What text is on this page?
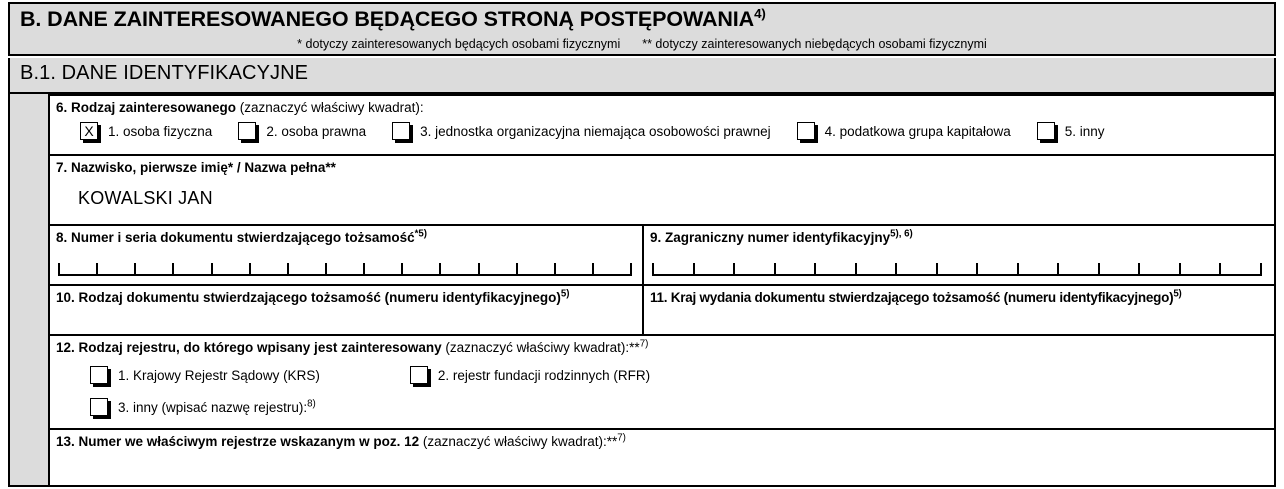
B. DANE ZAINTERESOWANEGO BĘDĄCEGO STRONĄ POSTĘPOWANIA$^{4)}$
* dotyczy zainteresowanych będących osobami fizycznymi ** dotyczy zainteresowanych niebędących osobami fizycznymi
B.1. DANE IDENTYFIKACYJNE
6. Rodzaj zainteresowanego (zaznaczyć właściwy kwadrat):
X	1. osoba fizyczna	2. osoba prawna	3. jednostka organizacyjna niemająca osobowości prawnej	4. podatkowa grupa kapitałowa	5. inny
7. Nazwisko, pierwsze imię* / Nazwa pełna**
KOWALSKI JAN
8. Numer i seria dokumentu stwierdzającego tożsamość$^{*5)}$	9. Zagraniczny numer identyfikacyjny$^{5), 6)}$
10. Rodzaj dokumentu stwierdzającego tożsamość (numeru identyfikacyjnego)$^{5)}$	11. Kraj wydania dokumentu stwierdzającego tożsamość (numeru identyfikacyjnego)$^{5)}$
12. Rodzaj rejestru, do którego wpisany jest zainteresowany (zaznaczyć właściwy kwadrat):**$^{7)}$
1. Krajowy Rejestr Sądowy (KRS)	2. rejestr fundacji rodzinnych (RFR)
3. inny (wpisać nazwę rejestru):$^{8)}$
13. Numer we właściwym rejestrze wskazanym w poz. 12 (zaznaczyć właściwy kwadrat):**$^{7)}$
